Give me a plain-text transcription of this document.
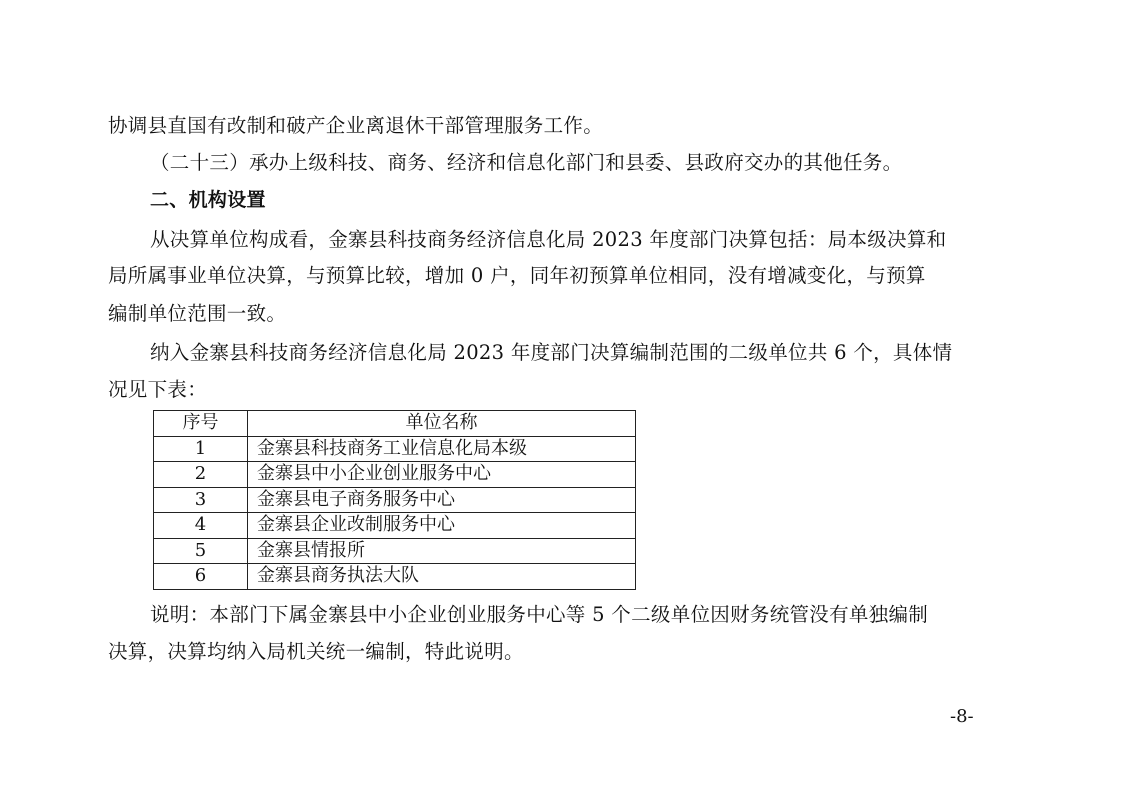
协调县直国有改制和破产企业离退休干部管理服务工作。
（二十三）承办上级科技、商务、经济和信息化部门和县委、县政府交办的其他任务。
二、机构设置
从决算单位构成看，金寨县科技商务经济信息化局 2023 年度部门决算包括：局本级决算和
局所属事业单位决算，与预算比较，增加 0 户，同年初预算单位相同，没有增减变化，与预算
编制单位范围一致。
纳入金寨县科技商务经济信息化局 2023 年度部门决算编制范围的二级单位共 6 个，具体情
况见下表：
序号	单位名称
1	金寨县科技商务工业信息化局本级
2	金寨县中小企业创业服务中心
3	金寨县电子商务服务中心
4	金寨县企业改制服务中心
5	金寨县情报所
6	金寨县商务执法大队
说明：本部门下属金寨县中小企业创业服务中心等 5 个二级单位因财务统管没有单独编制
决算，决算均纳入局机关统一编制，特此说明。
-8-
